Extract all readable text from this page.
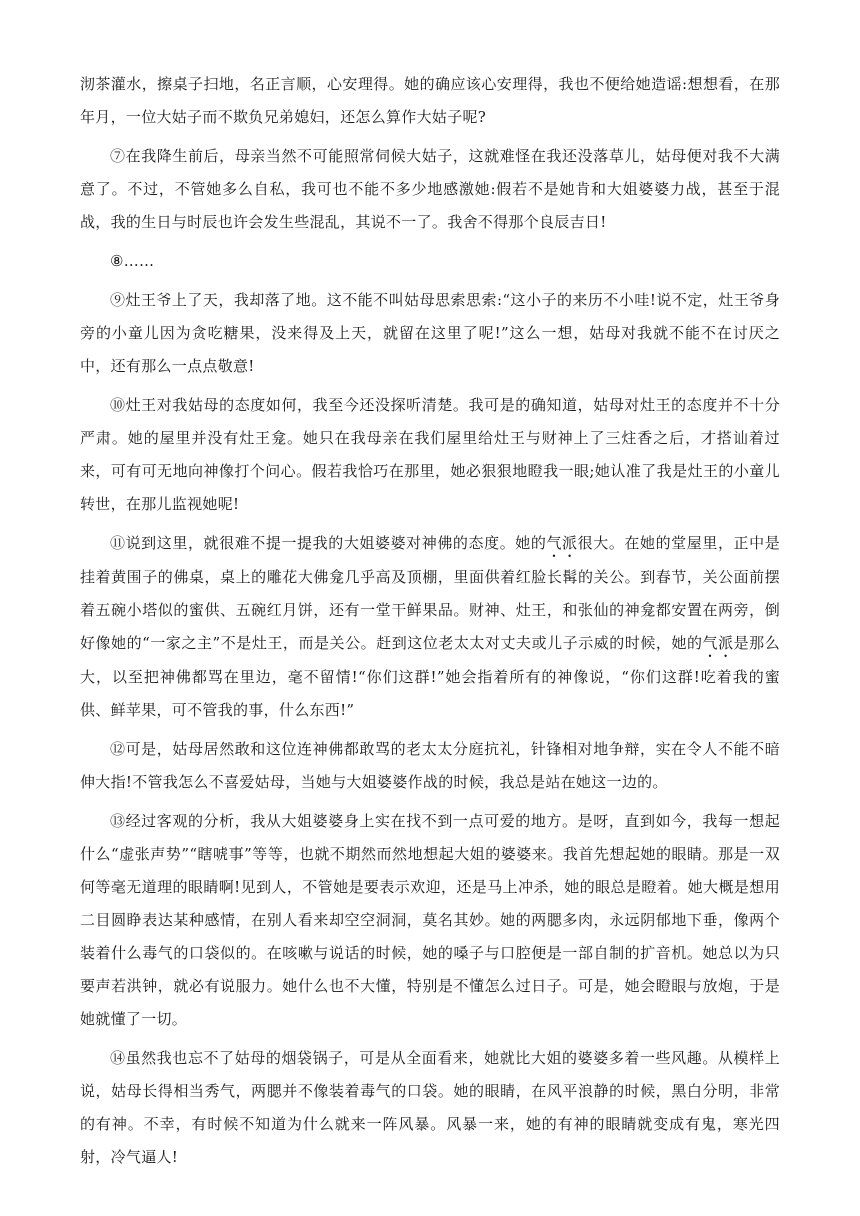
沏茶灌水，擦桌子扫地，名正言顺，心安理得。她的确应该心安理得，我也不便给她造谣:想想看，在那年月，一位大姑子而不欺负兄弟媳妇，还怎么算作大姑子呢?

⑦在我降生前后，母亲当然不可能照常伺候大姑子，这就难怪在我还没落草儿，姑母便对我不大满意了。不过，不管她多么自私，我可也不能不多少地感激她:假若不是她肯和大姐婆婆力战，甚至于混战，我的生日与时辰也许会发生些混乱，其说不一了。我舍不得那个良辰吉日!

⑧……

⑨灶王爷上了天，我却落了地。这不能不叫姑母思索思索:“这小子的来历不小哇!说不定，灶王爷身旁的小童儿因为贪吃糖果，没来得及上天，就留在这里了呢!”这么一想，姑母对我就不能不在讨厌之中，还有那么一点点敬意!

⑩灶王对我姑母的态度如何，我至今还没探听清楚。我可是的确知道，姑母对灶王的态度并不十分严肃。她的屋里并没有灶王龛。她只在我母亲在我们屋里给灶王与财神上了三炷香之后，才搭讪着过来，可有可无地向神像打个问心。假若我恰巧在那里，她必狠狠地瞪我一眼;她认准了我是灶王的小童儿转世，在那儿监视她呢!

⑪说到这里，就很难不提一提我的大姐婆婆对神佛的态度。她的气派很大。在她的堂屋里，正中是挂着黄围子的佛桌，桌上的雕花大佛龛几乎高及顶棚，里面供着红脸长髯的关公。到春节，关公面前摆着五碗小塔似的蜜供、五碗红月饼，还有一堂干鲜果品。财神、灶王，和张仙的神龛都安置在两旁，倒好像她的“一家之主”不是灶王，而是关公。赶到这位老太太对丈夫或儿子示威的时候，她的气派是那么大，以至把神佛都骂在里边，毫不留情!“你们这群!”她会指着所有的神像说，“你们这群!吃着我的蜜供、鲜苹果，可不管我的事，什么东西!”

⑫可是，姑母居然敢和这位连神佛都敢骂的老太太分庭抗礼，针锋相对地争辩，实在令人不能不暗伸大指!不管我怎么不喜爱姑母，当她与大姐婆婆作战的时候，我总是站在她这一边的。

⑬经过客观的分析，我从大姐婆婆身上实在找不到一点可爱的地方。是呀，直到如今，我每一想起什么“虚张声势”“瞎唬事”等等，也就不期然而然地想起大姐的婆婆来。我首先想起她的眼睛。那是一双何等毫无道理的眼睛啊!见到人，不管她是要表示欢迎，还是马上冲杀，她的眼总是瞪着。她大概是想用二目圆睁表达某种感情，在别人看来却空空洞洞，莫名其妙。她的两腮多肉，永远阴郁地下垂，像两个装着什么毒气的口袋似的。在咳嗽与说话的时候，她的嗓子与口腔便是一部自制的扩音机。她总以为只要声若洪钟，就必有说服力。她什么也不大懂，特别是不懂怎么过日子。可是，她会瞪眼与放炮，于是她就懂了一切。

⑭虽然我也忘不了姑母的烟袋锅子，可是从全面看来，她就比大姐的婆婆多着一些风趣。从模样上说，姑母长得相当秀气，两腮并不像装着毒气的口袋。她的眼睛，在风平浪静的时候，黑白分明，非常的有神。不幸，有时候不知道为什么就来一阵风暴。风暴一来，她的有神的眼睛就变成有鬼，寒光四射，冷气逼人!
